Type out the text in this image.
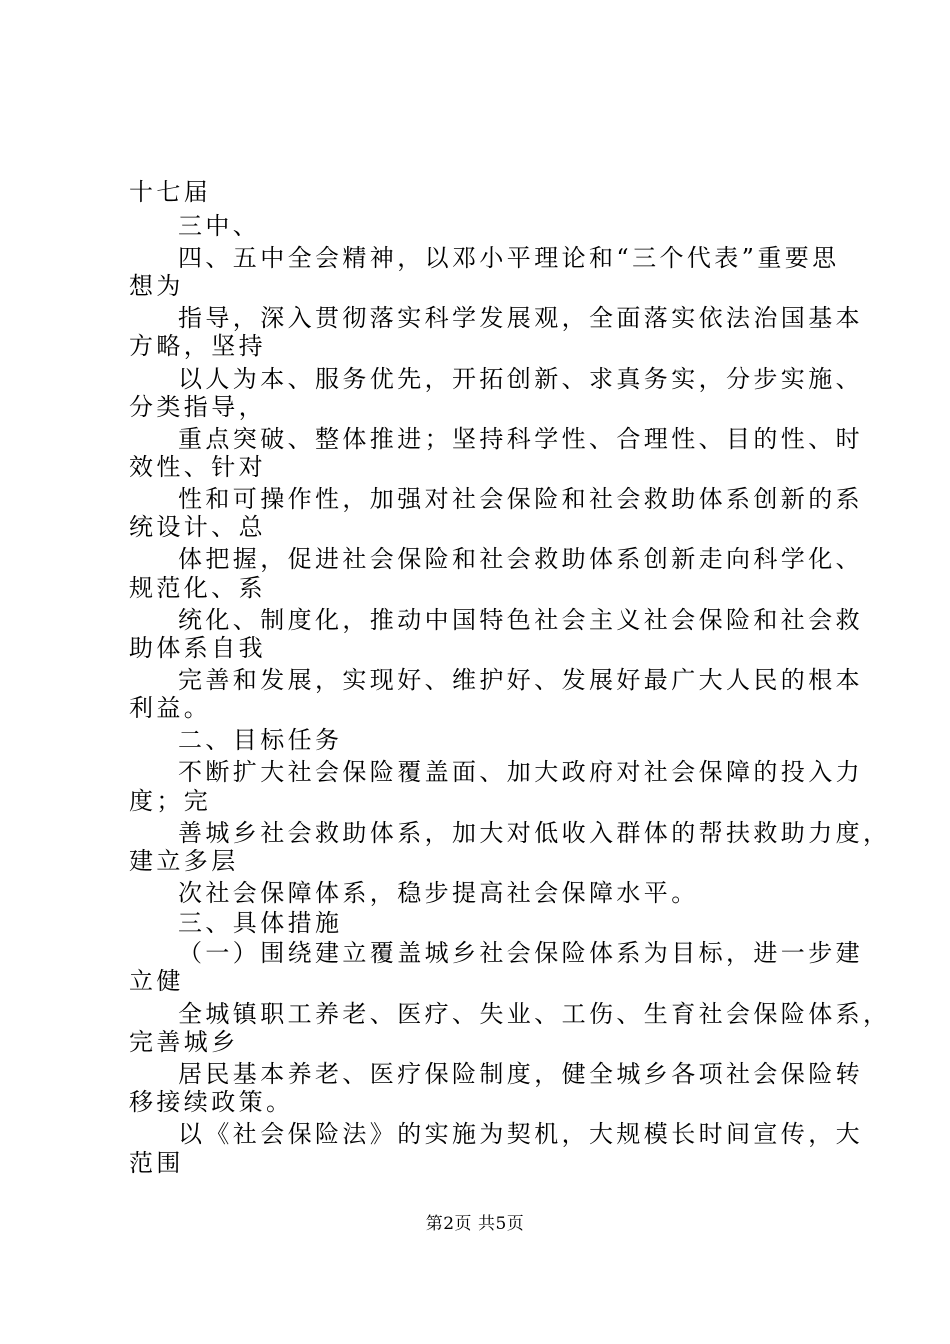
十七届
三中、
四、五中全会精神，以邓小平理论和“三个代表”重要思
想为
指导，深入贯彻落实科学发展观，全面落实依法治国基本
方略，坚持
以人为本、服务优先，开拓创新、求真务实，分步实施、
分类指导，
重点突破、整体推进；坚持科学性、合理性、目的性、时
效性、针对
性和可操作性，加强对社会保险和社会救助体系创新的系
统设计、总
体把握，促进社会保险和社会救助体系创新走向科学化、
规范化、系
统化、制度化，推动中国特色社会主义社会保险和社会救
助体系自我
完善和发展，实现好、维护好、发展好最广大人民的根本
利益。
二、目标任务
不断扩大社会保险覆盖面、加大政府对社会保障的投入力
度；完
善城乡社会救助体系，加大对低收入群体的帮扶救助力度，
建立多层
次社会保障体系，稳步提高社会保障水平。
三、具体措施
（一）围绕建立覆盖城乡社会保险体系为目标，进一步建
立健
全城镇职工养老、医疗、失业、工伤、生育社会保险体系，
完善城乡
居民基本养老、医疗保险制度，健全城乡各项社会保险转
移接续政策。
以《社会保险法》的实施为契机，大规模长时间宣传，大
范围
第2页 共5页
